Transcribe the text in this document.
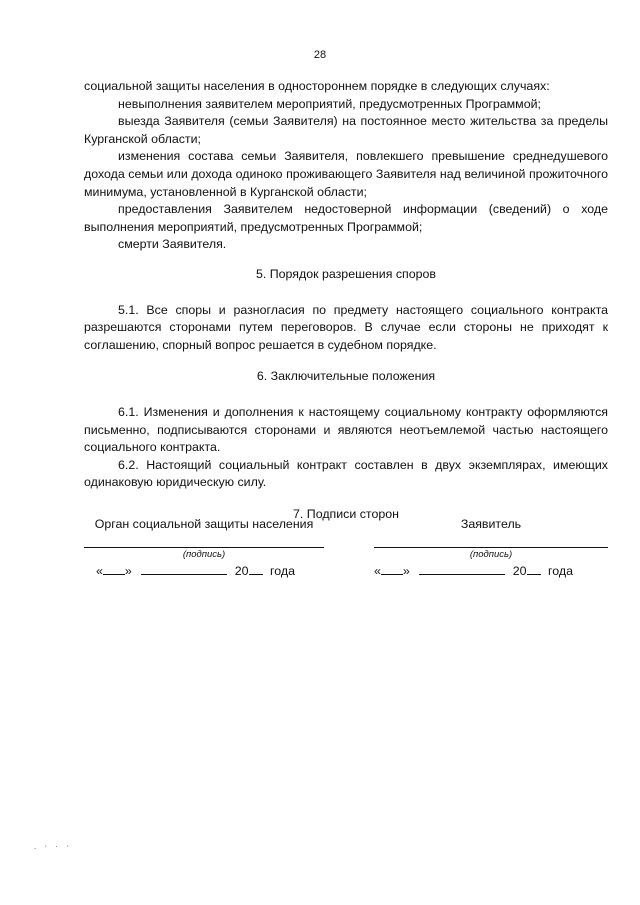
28

социальной защиты населения в одностороннем порядке в следующих случаях:

невыполнения заявителем мероприятий, предусмотренных Программой;

выезда Заявителя (семьи Заявителя) на постоянное место жительства за пределы Курганской области;

изменения состава семьи Заявителя, повлекшего превышение среднедушевого дохода семьи или дохода одиноко проживающего Заявителя над величиной прожиточного минимума, установленной в Курганской области;

предоставления Заявителем недостоверной информации (сведений) о ходе выполнения мероприятий, предусмотренных Программой;

смерти Заявителя.

5. Порядок разрешения споров

5.1. Все споры и разногласия по предмету настоящего социального контракта разрешаются сторонами путем переговоров. В случае если стороны не приходят к соглашению, спорный вопрос решается в судебном порядке.

6. Заключительные положения

6.1. Изменения и дополнения к настоящему социальному контракту оформляются письменно, подписываются сторонами и являются неотъемлемой частью настоящего социального контракта.

6.2. Настоящий социальный контракт составлен в двух экземплярах, имеющих одинаковую юридическую силу.

7. Подписи сторон

Орган социальной защиты населения
(подпись)
« »	20 года
Заявитель
(подпись)
« »	20 года
. ⋅ · ⋅
